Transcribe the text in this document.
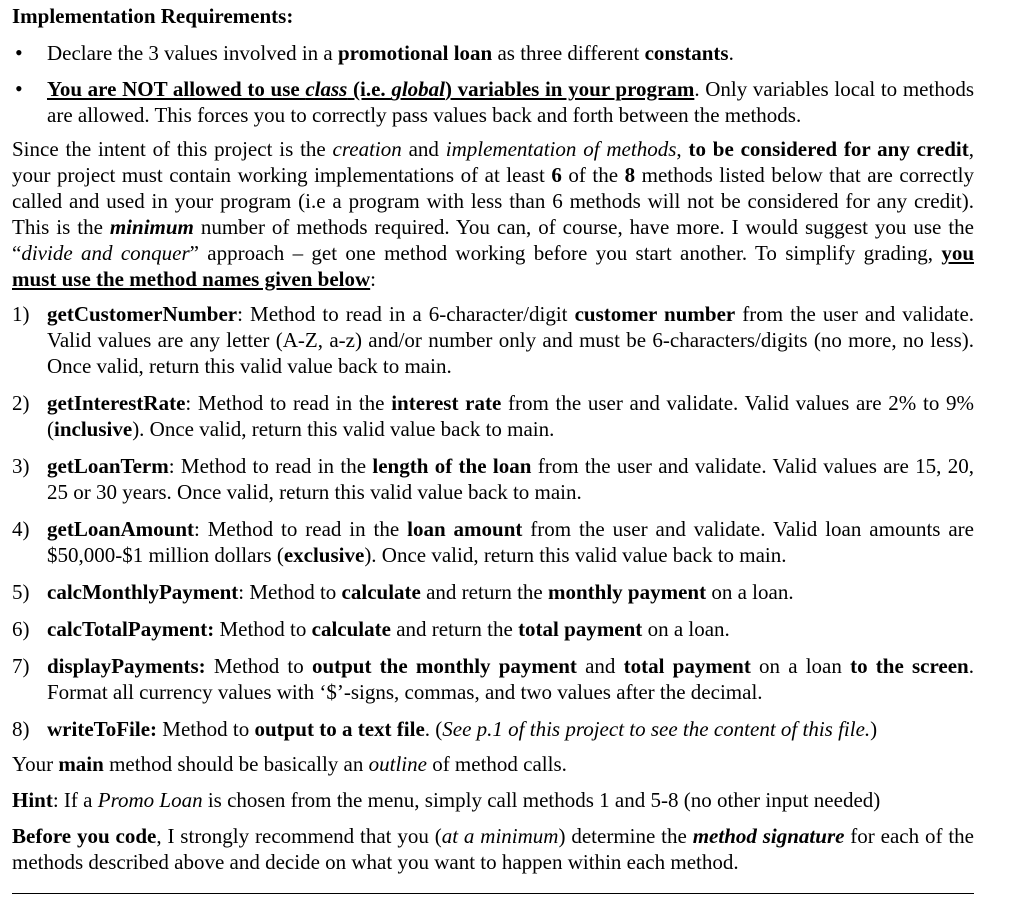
Implementation Requirements:
• Declare the 3 values involved in a promotional loan as three different constants.
• You are NOT allowed to use class (i.e. global) variables in your program. Only variables local to methods are allowed. This forces you to correctly pass values back and forth between the methods.

Since the intent of this project is the creation and implementation of methods, to be considered for any credit, your project must contain working implementations of at least 6 of the 8 methods listed below that are correctly called and used in your program (i.e a program with less than 6 methods will not be considered for any credit). This is the minimum number of methods required. You can, of course, have more. I would suggest you use the “divide and conquer” approach – get one method working before you start another. To simplify grading, you must use the method names given below:

1) getCustomerNumber: Method to read in a 6-character/digit customer number from the user and validate. Valid values are any letter (A-Z, a-z) and/or number only and must be 6-characters/digits (no more, no less). Once valid, return this valid value back to main.
2) getInterestRate: Method to read in the interest rate from the user and validate. Valid values are 2% to 9% (inclusive). Once valid, return this valid value back to main.
3) getLoanTerm: Method to read in the length of the loan from the user and validate. Valid values are 15, 20, 25 or 30 years. Once valid, return this valid value back to main.
4) getLoanAmount: Method to read in the loan amount from the user and validate. Valid loan amounts are $50,000-$1 million dollars (exclusive). Once valid, return this valid value back to main.
5) calcMonthlyPayment: Method to calculate and return the monthly payment on a loan.
6) calcTotalPayment: Method to calculate and return the total payment on a loan.
7) displayPayments: Method to output the monthly payment and total payment on a loan to the screen. Format all currency values with ‘$’-signs, commas, and two values after the decimal.
8) writeToFile: Method to output to a text file. (See p.1 of this project to see the content of this file.)

Your main method should be basically an outline of method calls.

Hint: If a Promo Loan is chosen from the menu, simply call methods 1 and 5-8 (no other input needed)

Before you code, I strongly recommend that you (at a minimum) determine the method signature for each of the methods described above and decide on what you want to happen within each method.
